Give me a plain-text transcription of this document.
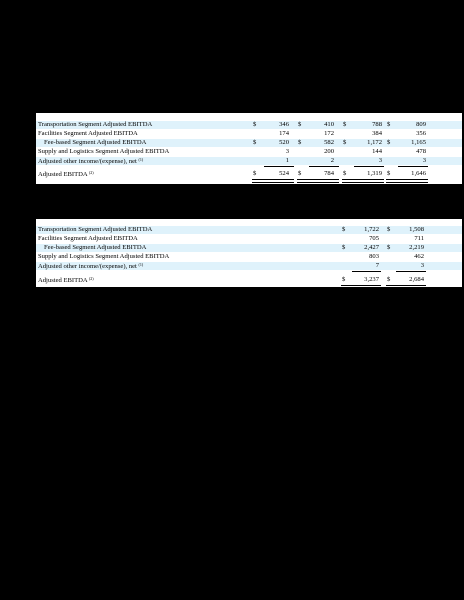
Transportation Segment Adjusted EBITDA	$	346 $	410 $	788 $	809
Facilities Segment Adjusted EBITDA	174	172	384	356
Fee-based Segment Adjusted EBITDA	$	520 $	582 $	1,172 $	1,165
Supply and Logistics Segment Adjusted EBITDA	3	200	144	478
Adjusted other income/(expense), net $^{(1)}$	1	2	3	3
Adjusted EBITDA $^{(2)}$	$	524 $	784 $	1,319 $	1,646
Transportation Segment Adjusted EBITDA	$	1,722 $	1,508
Facilities Segment Adjusted EBITDA	705	711
Fee-based Segment Adjusted EBITDA	$	2,427 $	2,219
Supply and Logistics Segment Adjusted EBITDA	803	462
Adjusted other income/(expense), net $^{(1)}$	7	3
Adjusted EBITDA $^{(2)}$	$	3,237 $	2,684
